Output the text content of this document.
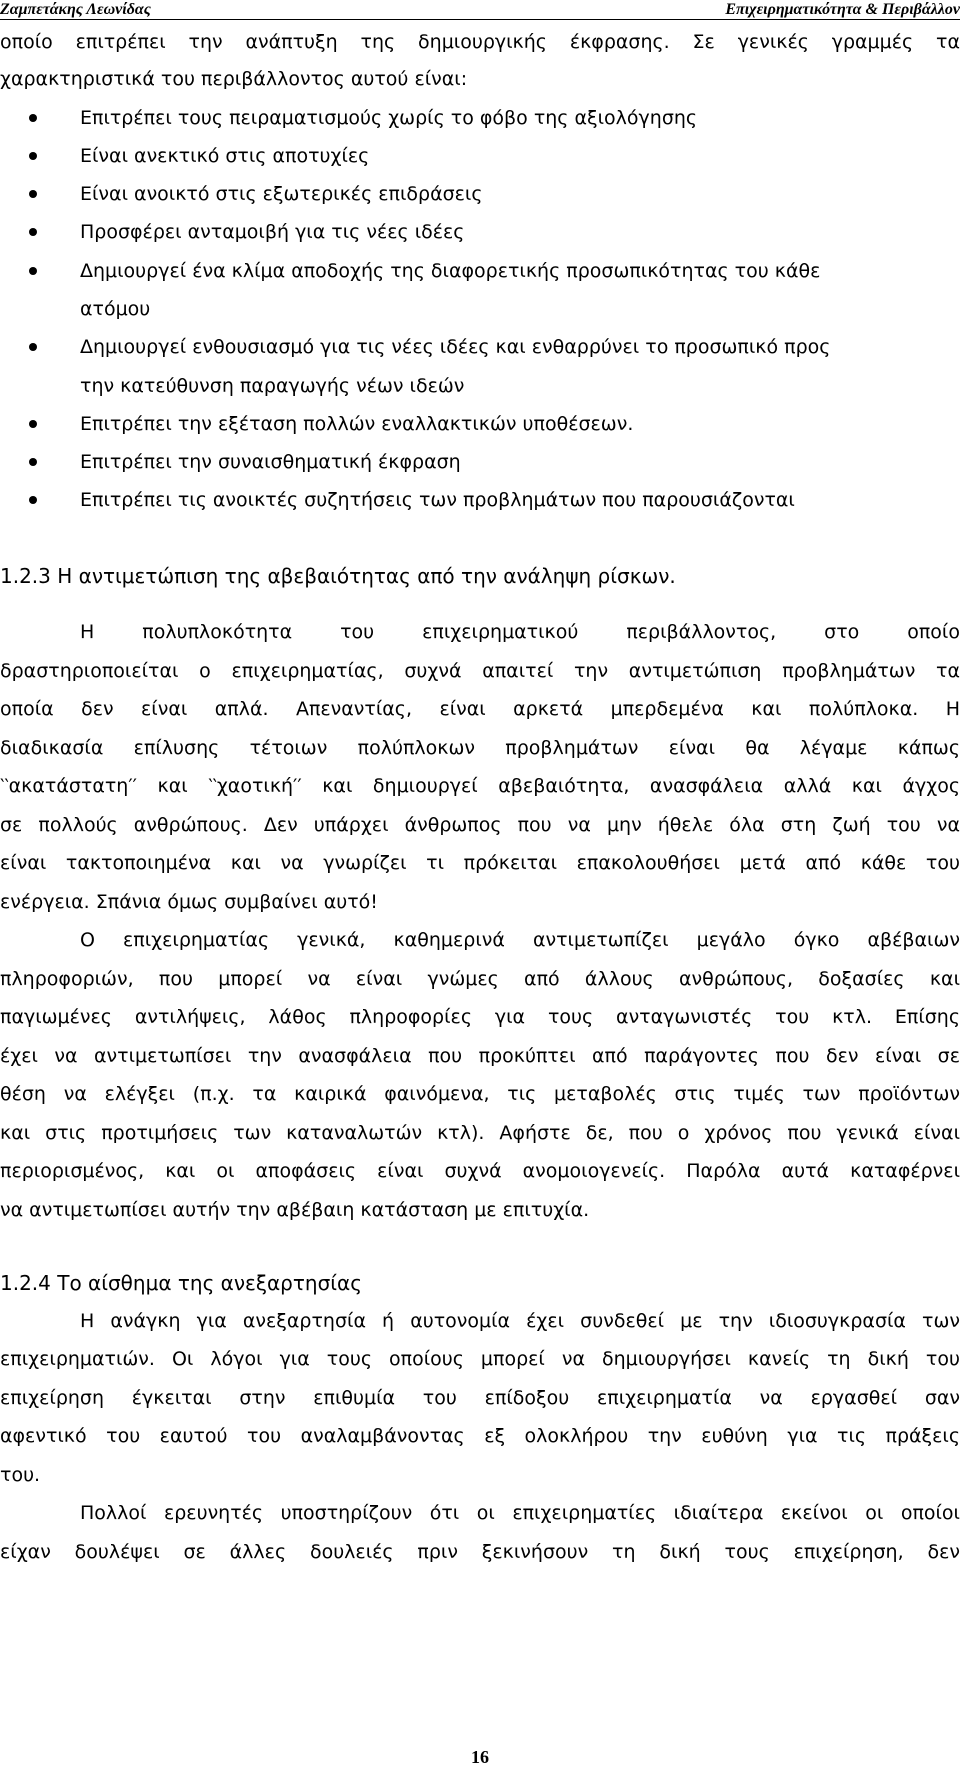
Ζαμπετάκης Λεωνίδας	Επιχειρηματικότητα & Περιβάλλον
οποίο επιτρέπει την ανάπτυξη της δημιουργικής έκφρασης. Σε γενικές γραμμές τα
χαρακτηριστικά του περιβάλλοντος αυτού είναι:
Επιτρέπει τους πειραματισμούς χωρίς το φόβο της αξιολόγησης
Είναι ανεκτικό στις αποτυχίες
Είναι ανοικτό στις εξωτερικές επιδράσεις
Προσφέρει ανταμοιβή για τις νέες ιδέες
Δημιουργεί ένα κλίμα αποδοχής της διαφορετικής προσωπικότητας του κάθε
ατόμου
Δημιουργεί ενθουσιασμό για τις νέες ιδέες και ενθαρρύνει το προσωπικό προς
την κατεύθυνση παραγωγής νέων ιδεών
Επιτρέπει την εξέταση πολλών εναλλακτικών υποθέσεων.
Επιτρέπει την συναισθηματική έκφραση
Επιτρέπει τις ανοικτές συζητήσεις των προβλημάτων που παρουσιάζονται
1.2.3 Η αντιμετώπιση της αβεβαιότητας από την ανάληψη ρίσκων.
Η πολυπλοκότητα του επιχειρηματικού περιβάλλοντος, στο οποίο
δραστηριοποιείται ο επιχειρηματίας, συχνά απαιτεί την αντιμετώπιση προβλημάτων τα
οποία δεν είναι απλά. Απεναντίας, είναι αρκετά μπερδεμένα και πολύπλοκα. Η
διαδικασία επίλυσης τέτοιων πολύπλοκων προβλημάτων είναι θα λέγαμε κάπως
‵‵ακατάστατη′′ και ‵‵χαοτική′′ και δημιουργεί αβεβαιότητα, ανασφάλεια αλλά και άγχος
σε πολλούς ανθρώπους. Δεν υπάρχει άνθρωπος που να μην ήθελε όλα στη ζωή του να
είναι τακτοποιημένα και να γνωρίζει τι πρόκειται επακολουθήσει μετά από κάθε του
ενέργεια. Σπάνια όμως συμβαίνει αυτό!
Ο επιχειρηματίας γενικά, καθημερινά αντιμετωπίζει μεγάλο όγκο αβέβαιων
πληροφοριών, που μπορεί να είναι γνώμες από άλλους ανθρώπους, δοξασίες και
παγιωμένες αντιλήψεις, λάθος πληροφορίες για τους ανταγωνιστές του κτλ. Επίσης
έχει να αντιμετωπίσει την ανασφάλεια που προκύπτει από παράγοντες που δεν είναι σε
θέση να ελέγξει (π.χ. τα καιρικά φαινόμενα, τις μεταβολές στις τιμές των προϊόντων
και στις προτιμήσεις των καταναλωτών κτλ). Αφήστε δε, που ο χρόνος που γενικά είναι
περιορισμένος, και οι αποφάσεις είναι συχνά ανομοιογενείς. Παρόλα αυτά καταφέρνει
να αντιμετωπίσει αυτήν την αβέβαιη κατάσταση με επιτυχία.
1.2.4 Το αίσθημα της ανεξαρτησίας
Η ανάγκη για ανεξαρτησία ή αυτονομία έχει συνδεθεί με την ιδιοσυγκρασία των
επιχειρηματιών. Οι λόγοι για τους οποίους μπορεί να δημιουργήσει κανείς τη δική του
επιχείρηση έγκειται στην επιθυμία του επίδοξου επιχειρηματία να εργασθεί σαν
αφεντικό του εαυτού του αναλαμβάνοντας εξ ολοκλήρου την ευθύνη για τις πράξεις
του.
Πολλοί ερευνητές υποστηρίζουν ότι οι επιχειρηματίες ιδιαίτερα εκείνοι οι οποίοι
είχαν δουλέψει σε άλλες δουλειές πριν ξεκινήσουν τη δική τους επιχείρηση, δεν
16
